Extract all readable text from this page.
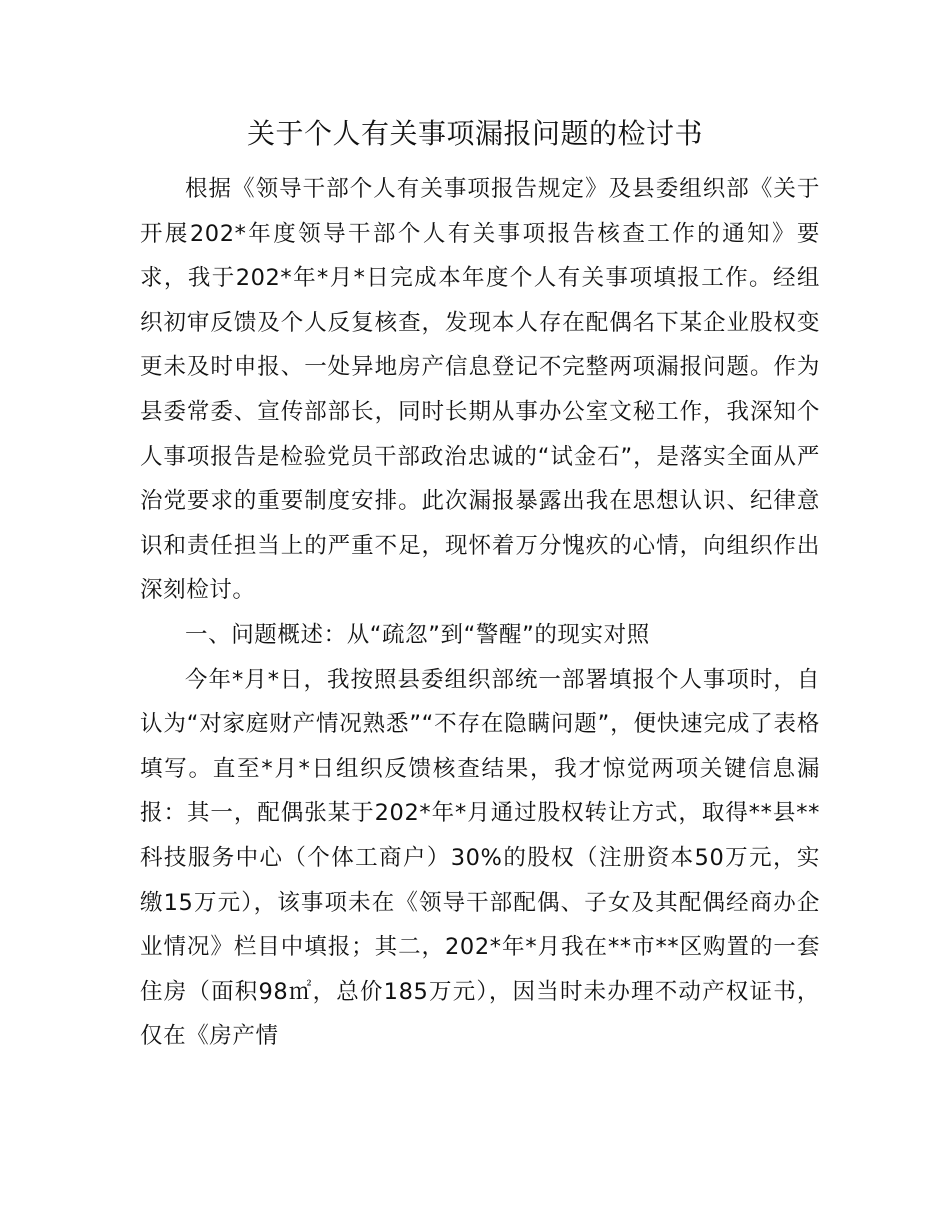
关于个人有关事项漏报问题的检讨书

根据《领导干部个人有关事项报告规定》及县委组织部《关于开展202*年度领导干部个人有关事项报告核查工作的通知》要求，我于202*年*月*日完成本年度个人有关事项填报工作。经组织初审反馈及个人反复核查，发现本人存在配偶名下某企业股权变更未及时申报、一处异地房产信息登记不完整两项漏报问题。作为县委常委、宣传部部长，同时长期从事办公室文秘工作，我深知个人事项报告是检验党员干部政治忠诚的“试金石”，是落实全面从严治党要求的重要制度安排。此次漏报暴露出我在思想认识、纪律意识和责任担当上的严重不足，现怀着万分愧疚的心情，向组织作出深刻检讨。

一、问题概述：从“疏忽”到“警醒”的现实对照

今年*月*日，我按照县委组织部统一部署填报个人事项时，自认为“对家庭财产情况熟悉”“不存在隐瞒问题”，便快速完成了表格填写。直至*月*日组织反馈核查结果，我才惊觉两项关键信息漏报：其一，配偶张某于202*年*月通过股权转让方式，取得**县**科技服务中心（个体工商户）30%的股权（注册资本50万元，实缴15万元），该事项未在《领导干部配偶、子女及其配偶经商办企业情况》栏目中填报；其二，202*年*月我在**市**区购置的一套住房（面积98㎡，总价185万元），因当时未办理不动产权证书，仅在《房产情
